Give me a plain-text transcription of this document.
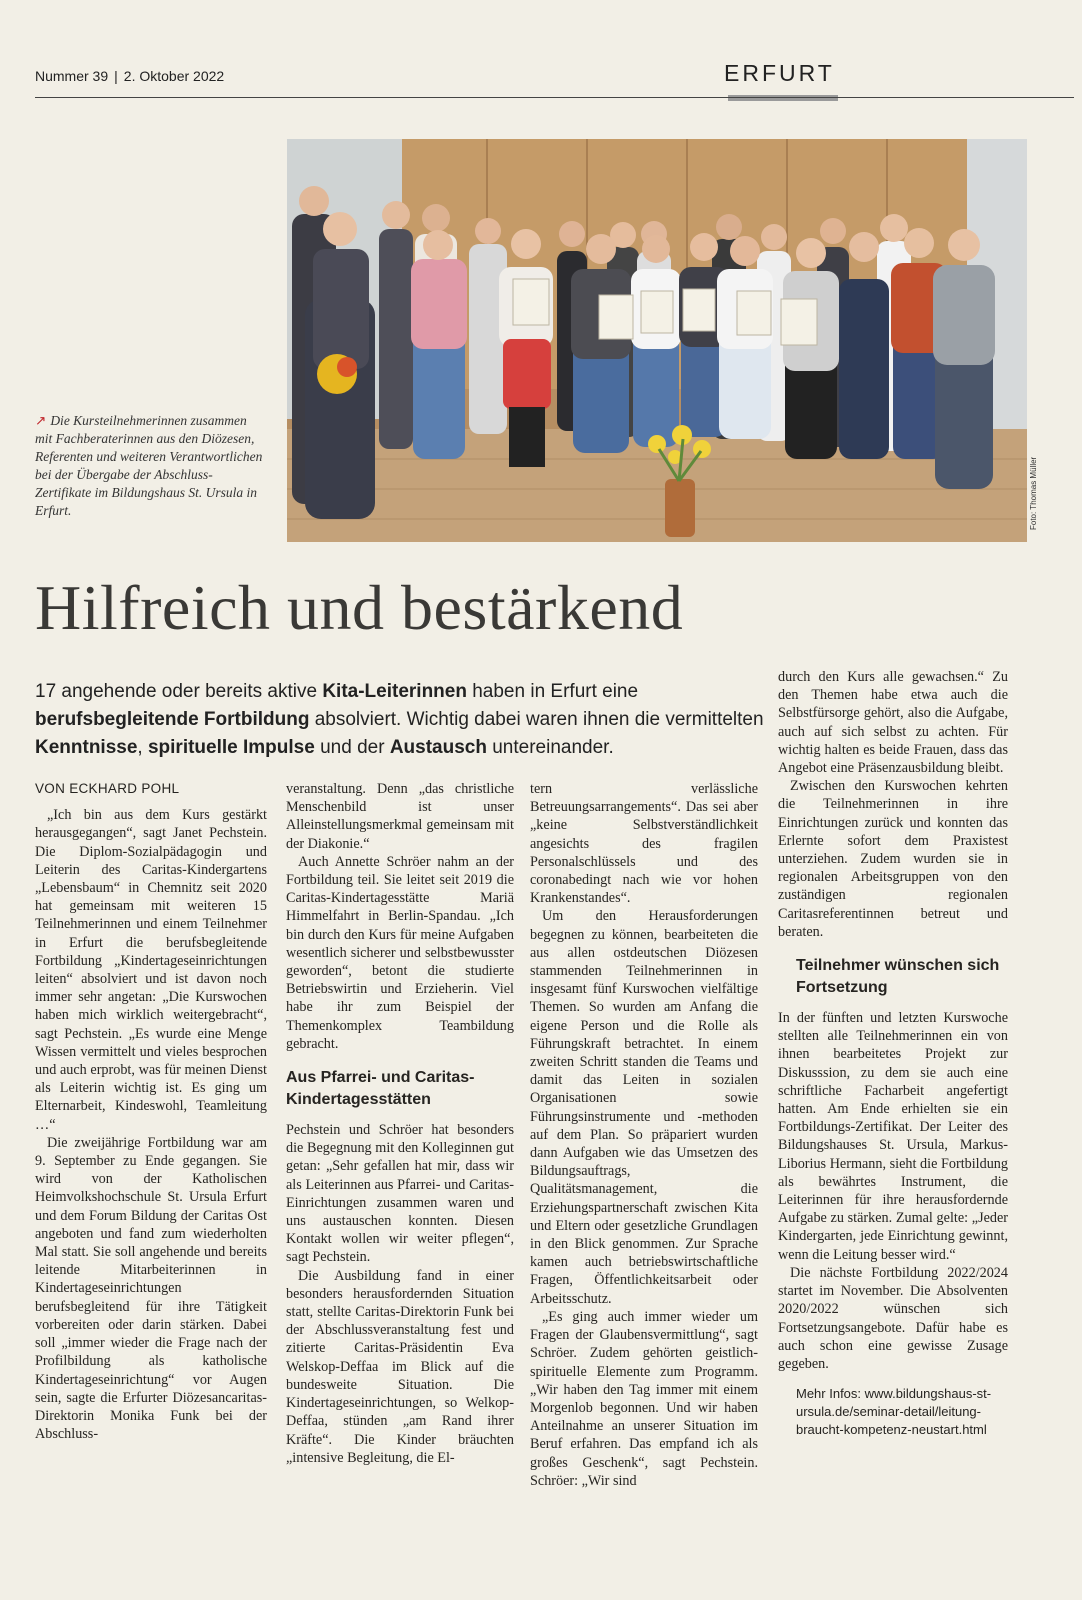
Nummer 39 | 2. Oktober 2022	ERFURT
Foto: Thomas Müller
↗ Die Kursteilnehmerinnen zusammen mit Fachberaterinnen aus den Diözesen, Referenten und weiteren Verantwortlichen bei der Übergabe der Abschluss-Zertifikate im Bildungshaus St. Ursula in Erfurt.
Hilfreich und bestärkend

17 angehende oder bereits aktive Kita-Leiterinnen haben in Erfurt eine berufsbegleitende Fortbildung absolviert. Wichtig dabei waren ihnen die vermittelten Kenntnisse, spirituelle Impulse und der Austausch untereinander.

VON ECKHARD POHL

„Ich bin aus dem Kurs gestärkt herausgegangen“, sagt Janet Pechstein. Die Diplom-Sozialpädagogin und Leiterin des Caritas-Kindergartens „Lebensbaum“ in Chemnitz seit 2020 hat gemeinsam mit weiteren 15 Teilnehmerinnen und einem Teilnehmer in Erfurt die berufsbegleitende Fortbildung „Kindertageseinrichtungen leiten“ absolviert und ist davon noch immer sehr angetan: „Die Kurswochen haben mich wirklich weitergebracht“, sagt Pechstein. „Es wurde eine Menge Wissen vermittelt und vieles besprochen und auch erprobt, was für meinen Dienst als Leiterin wichtig ist. Es ging um Elternarbeit, Kindeswohl, Teamleitung …“

Die zweijährige Fortbildung war am 9. September zu Ende gegangen. Sie wird von der Katholischen Heimvolkshochschule St. Ursula Erfurt und dem Forum Bildung der Caritas Ost angeboten und fand zum wiederholten Mal statt. Sie soll angehende und bereits leitende Mitarbeiterinnen in Kindertageseinrichtungen berufsbegleitend für ihre Tätigkeit vorbereiten oder darin stärken. Dabei soll „immer wieder die Frage nach der Profilbildung als katholische Kindertageseinrichtung“ vor Augen sein, sagte die Erfurter Diözesancaritas-Direktorin Monika Funk bei der Abschluss-

veranstaltung. Denn „das christliche Menschenbild ist unser Alleinstellungsmerkmal gemeinsam mit der Diakonie.“

Auch Annette Schröer nahm an der Fortbildung teil. Sie leitet seit 2019 die Caritas-Kindertagesstätte Mariä Himmelfahrt in Berlin-Spandau. „Ich bin durch den Kurs für meine Aufgaben wesentlich sicherer und selbstbewusster geworden“, betont die studierte Betriebswirtin und Erzieherin. Viel habe ihr zum Beispiel der Themenkomplex Teambildung gebracht.

Aus Pfarrei- und Caritas-Kindertagesstätten

Pechstein und Schröer hat besonders die Begegnung mit den Kolleginnen gut getan: „Sehr gefallen hat mir, dass wir als Leiterinnen aus Pfarrei- und Caritas-Einrichtungen zusammen waren und uns austauschen konnten. Diesen Kontakt wollen wir weiter pflegen“, sagt Pechstein.

Die Ausbildung fand in einer besonders herausfordernden Situation statt, stellte Caritas-Direktorin Funk bei der Abschlussveranstaltung fest und zitierte Caritas-Präsidentin Eva Welskop-Deffaa im Blick auf die bundesweite Situation. Die Kindertageseinrichtungen, so Welkop-Deffaa, stünden „am Rand ihrer Kräfte“. Die Kinder bräuchten „intensive Begleitung, die El-

tern verlässliche Betreuungsarrangements“. Das sei aber „keine Selbstverständlichkeit angesichts des fragilen Personalschlüssels und des coronabedingt nach wie vor hohen Krankenstandes“.

Um den Herausforderungen begegnen zu können, bearbeiteten die aus allen ostdeutschen Diözesen stammenden Teilnehmerinnen in insgesamt fünf Kurswochen vielfältige Themen. So wurden am Anfang die eigene Person und die Rolle als Führungskraft betrachtet. In einem zweiten Schritt standen die Teams und damit das Leiten in sozialen Organisationen sowie Führungsinstrumente und -methoden auf dem Plan. So präpariert wurden dann Aufgaben wie das Umsetzen des Bildungsauftrags, Qualitätsmanagement, die Erziehungspartnerschaft zwischen Kita und Eltern oder gesetzliche Grundlagen in den Blick genommen. Zur Sprache kamen auch betriebswirtschaftliche Fragen, Öffentlichkeitsarbeit oder Arbeitsschutz.

„Es ging auch immer wieder um Fragen der Glaubensvermittlung“, sagt Schröer. Zudem gehörten geistlich-spirituelle Elemente zum Programm. „Wir haben den Tag immer mit einem Morgenlob begonnen. Und wir haben Anteilnahme an unserer Situation im Beruf erfahren. Das empfand ich als großes Geschenk“, sagt Pechstein. Schröer: „Wir sind

durch den Kurs alle gewachsen.“ Zu den Themen habe etwa auch die Selbstfürsorge gehört, also die Aufgabe, auch auf sich selbst zu achten. Für wichtig halten es beide Frauen, dass das Angebot eine Präsenzausbildung bleibt.

Zwischen den Kurswochen kehrten die Teilnehmerinnen in ihre Einrichtungen zurück und konnten das Erlernte sofort dem Praxistest unterziehen. Zudem wurden sie in regionalen Arbeitsgruppen von den zuständigen regionalen Caritasreferentinnen betreut und beraten.

Teilnehmer wünschen sich Fortsetzung

In der fünften und letzten Kurswoche stellten alle Teilnehmerinnen ein von ihnen bearbeitetes Projekt zur Diskusssion, zu dem sie auch eine schriftliche Facharbeit angefertigt hatten. Am Ende erhielten sie ein Fortbildungs-Zertifikat. Der Leiter des Bildungshauses St. Ursula, Markus-Liborius Hermann, sieht die Fortbildung als bewährtes Instrument, die Leiterinnen für ihre herausfordernde Aufgabe zu stärken. Zumal gelte: „Jeder Kindergarten, jede Einrichtung gewinnt, wenn die Leitung besser wird.“

Die nächste Fortbildung 2022/2024 startet im November. Die Absolventen 2020/2022 wünschen sich Fortsetzungsangebote. Dafür habe es auch schon eine gewisse Zusage gegeben.

Mehr Infos: www.bildungshaus-st-ursula.de/seminar-detail/leitung-braucht-kompetenz-neustart.html
